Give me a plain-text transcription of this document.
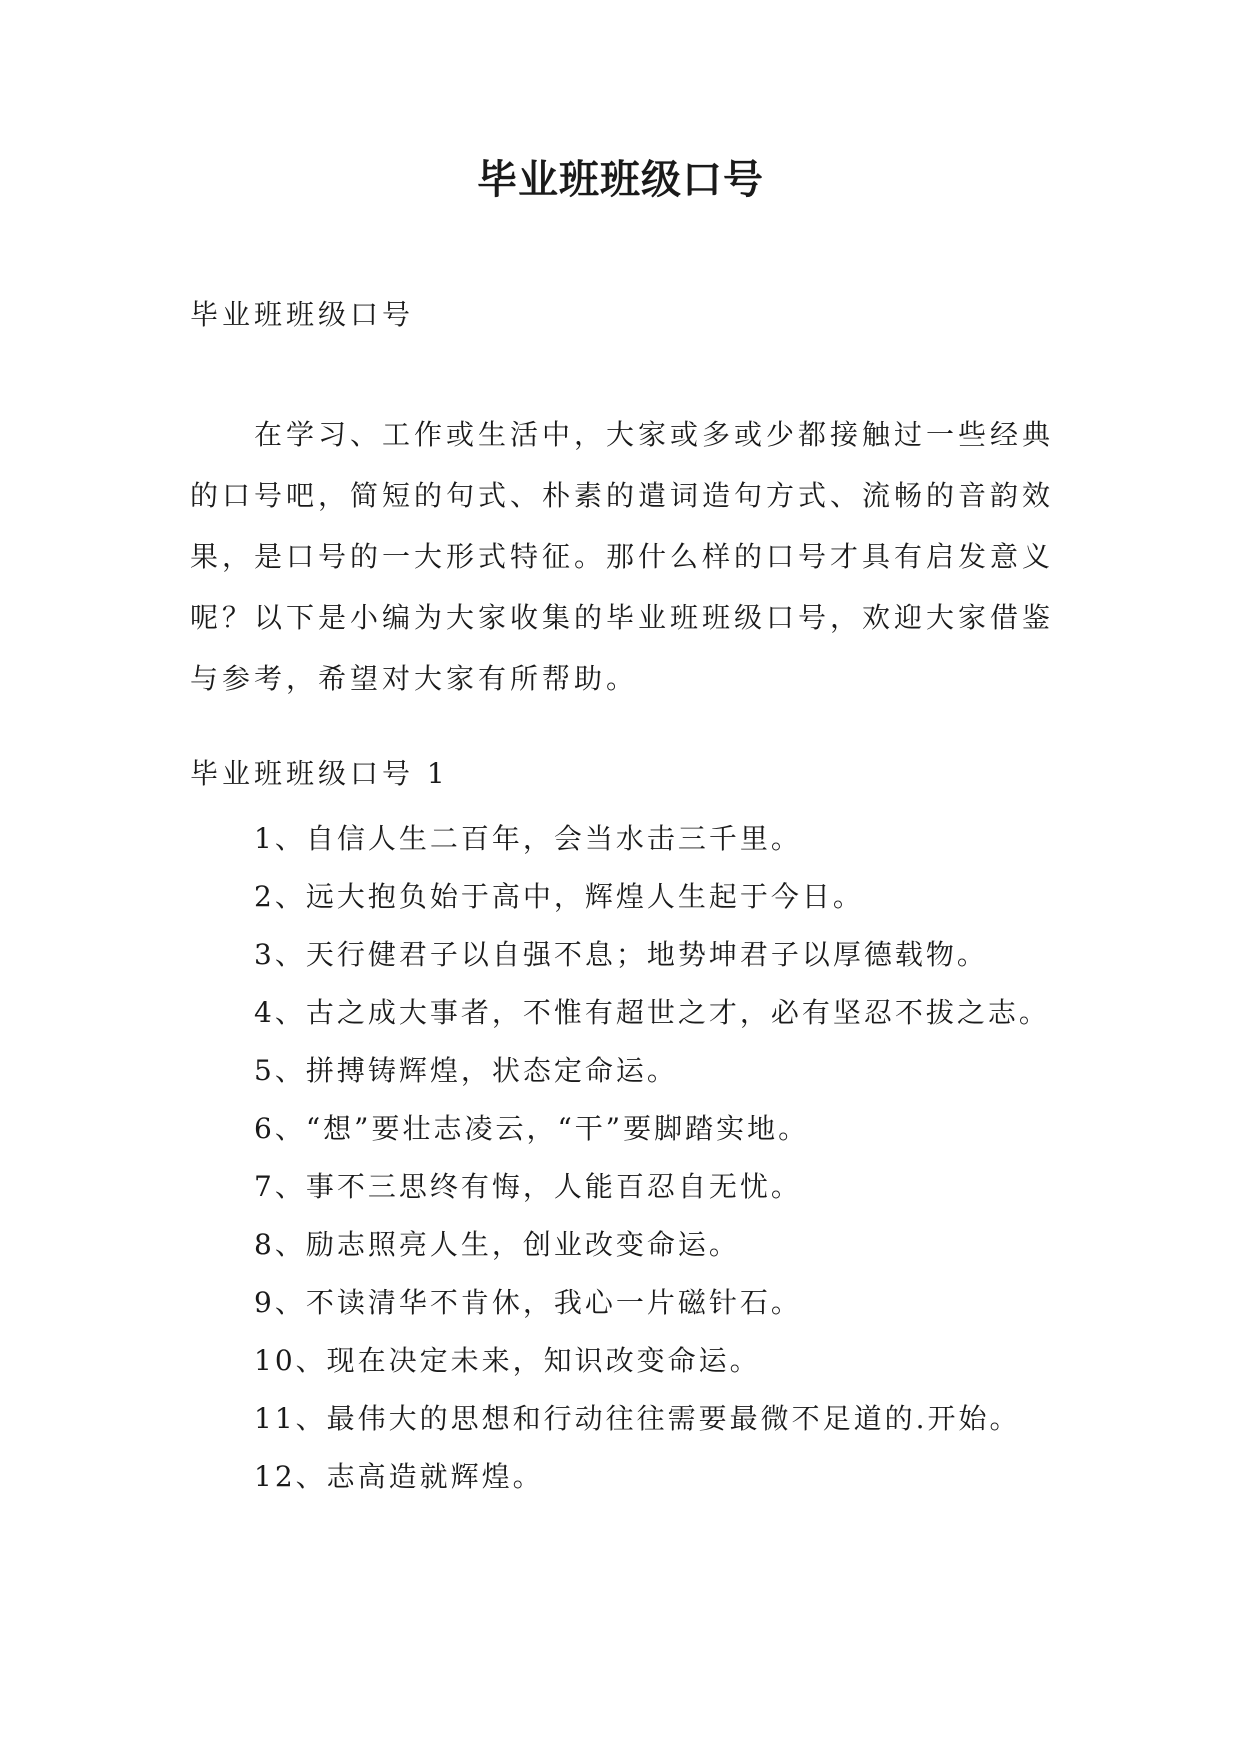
毕业班班级口号

毕业班班级口号

在学习、工作或生活中，大家或多或少都接触过一些经典的口号吧，简短的句式、朴素的遣词造句方式、流畅的音韵效果，是口号的一大形式特征。那什么样的口号才具有启发意义呢？以下是小编为大家收集的毕业班班级口号，欢迎大家借鉴与参考，希望对大家有所帮助。

毕业班班级口号 1

1、自信人生二百年，会当水击三千里。
2、远大抱负始于高中，辉煌人生起于今日。
3、天行健君子以自强不息；地势坤君子以厚德载物。
4、古之成大事者，不惟有超世之才，必有坚忍不拔之志。
5、拼搏铸辉煌，状态定命运。
6、“想”要壮志凌云，“干”要脚踏实地。
7、事不三思终有悔，人能百忍自无忧。
8、励志照亮人生，创业改变命运。
9、不读清华不肯休，我心一片磁针石。
10、现在决定未来，知识改变命运。
11、最伟大的思想和行动往往需要最微不足道的.开始。
12、志高造就辉煌。
